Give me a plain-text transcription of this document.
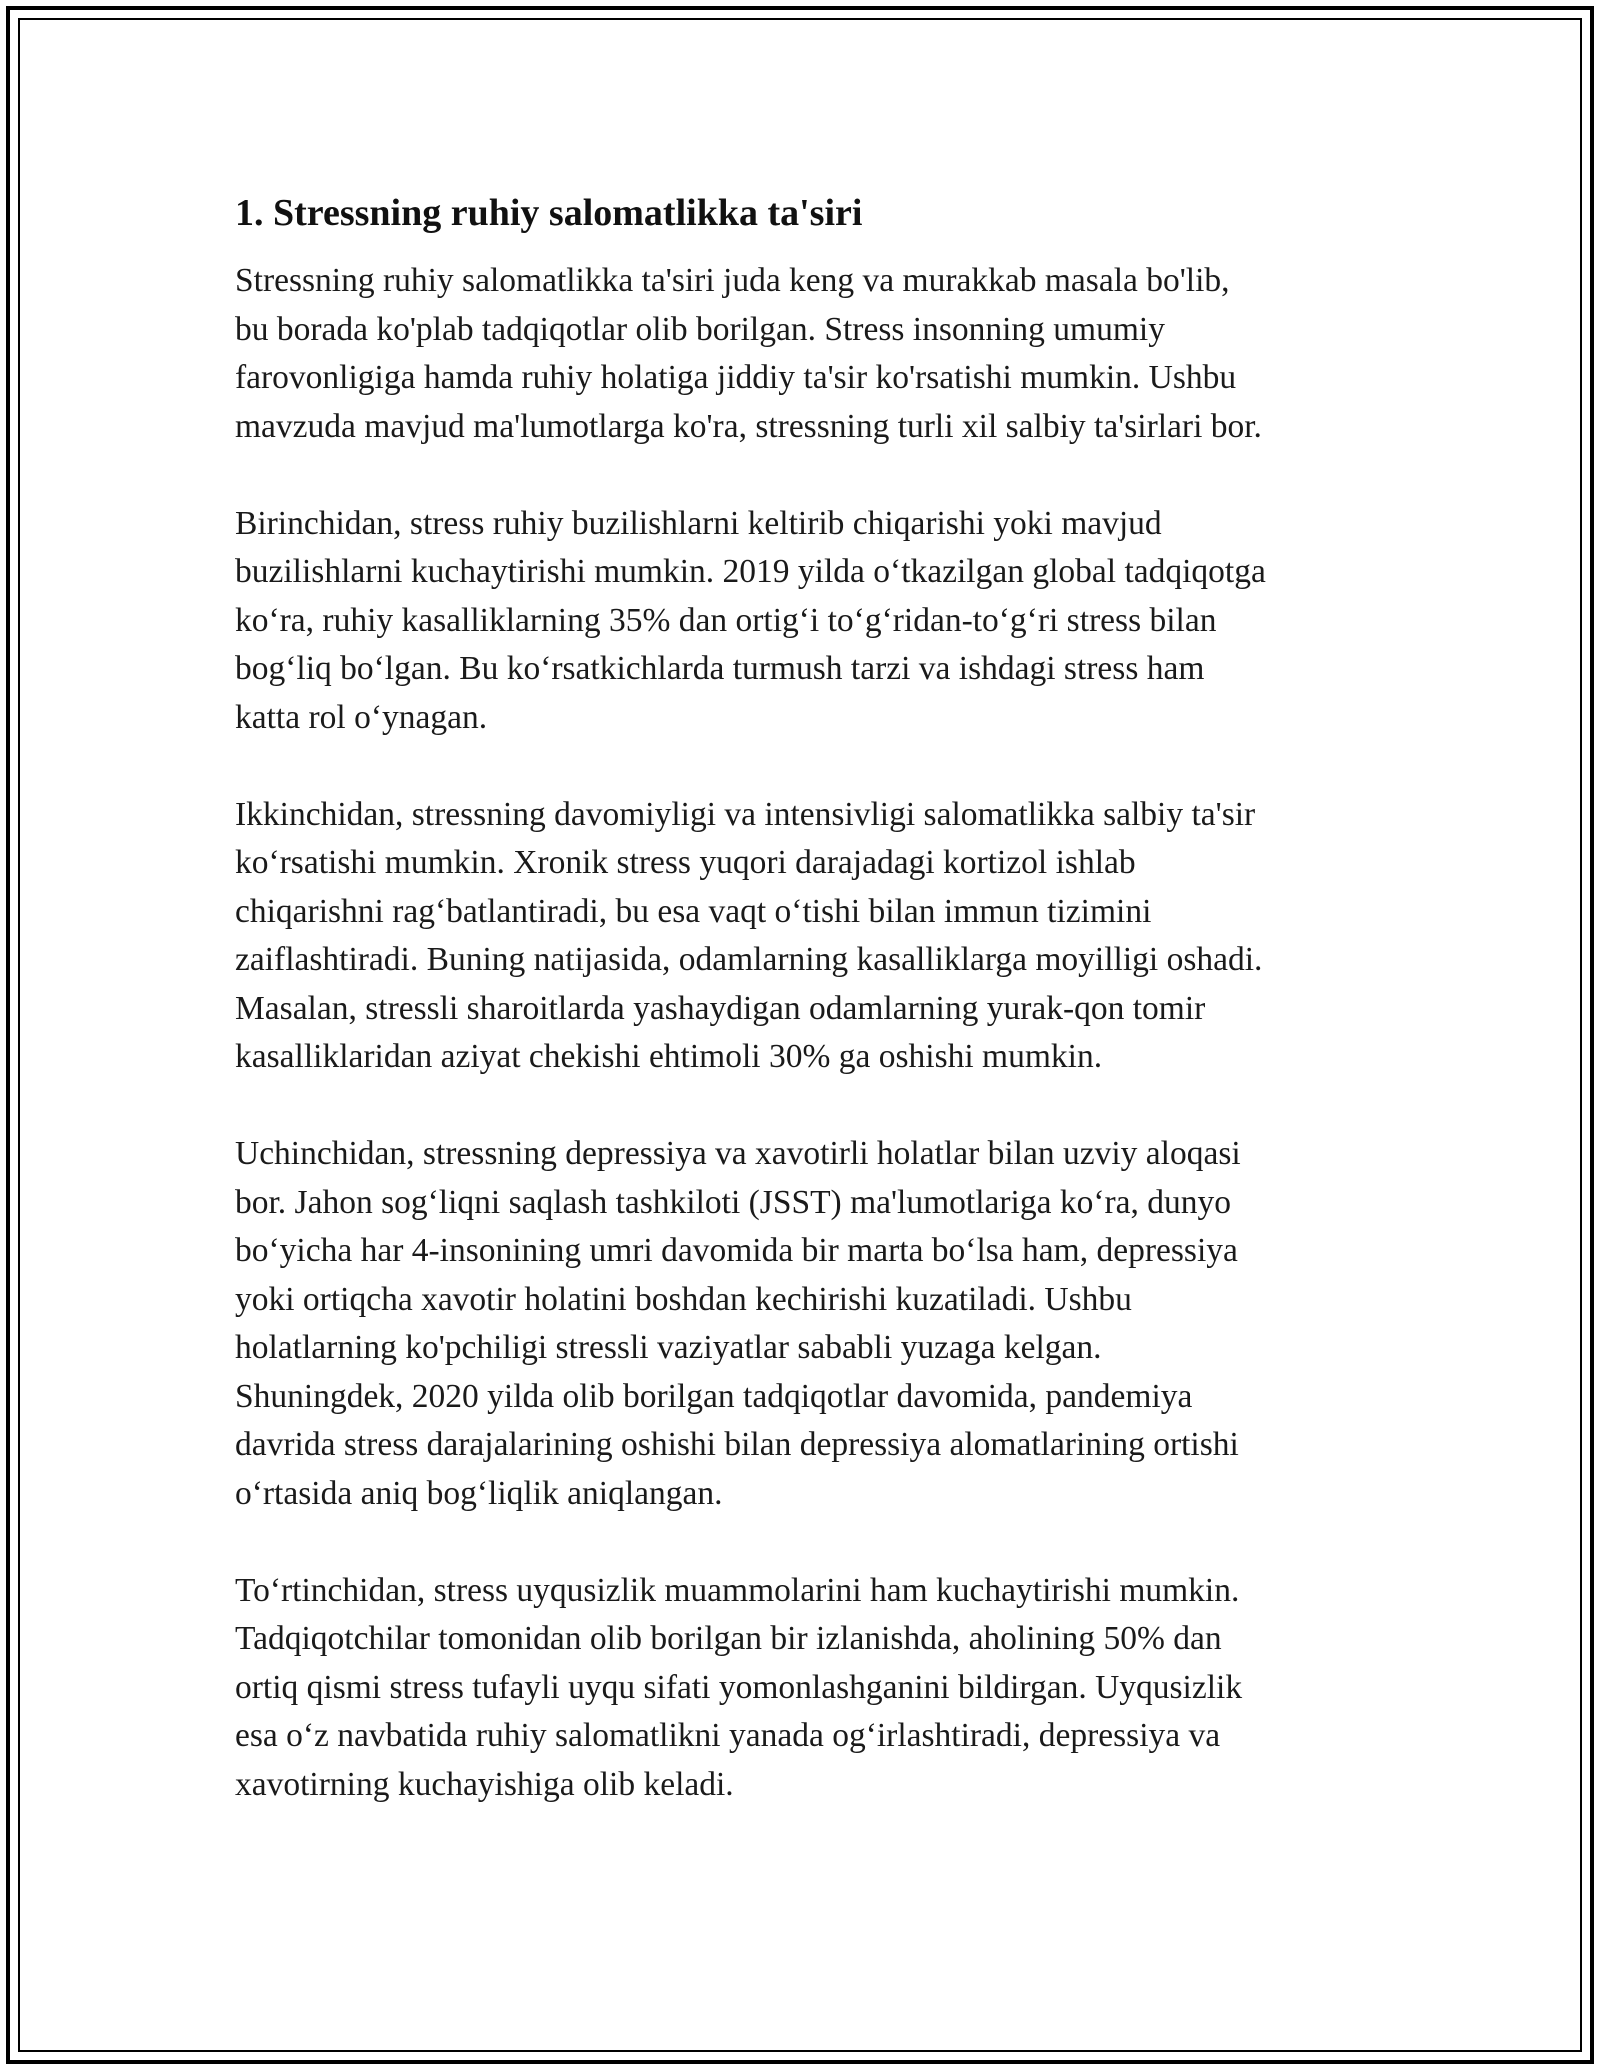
1. Stressning ruhiy salomatlikka ta'siri

Stressning ruhiy salomatlikka ta'siri juda keng va murakkab masala bo'lib,
bu borada ko'plab tadqiqotlar olib borilgan. Stress insonning umumiy
farovonligiga hamda ruhiy holatiga jiddiy ta'sir ko'rsatishi mumkin. Ushbu
mavzuda mavjud ma'lumotlarga ko'ra, stressning turli xil salbiy ta'sirlari bor.

Birinchidan, stress ruhiy buzilishlarni keltirib chiqarishi yoki mavjud
buzilishlarni kuchaytirishi mumkin. 2019 yilda oʻtkazilgan global tadqiqotga
koʻra, ruhiy kasalliklarning 35% dan ortigʻi toʻgʻridan-toʻgʻri stress bilan
bogʻliq boʻlgan. Bu koʻrsatkichlarda turmush tarzi va ishdagi stress ham
katta rol oʻynagan.

Ikkinchidan, stressning davomiyligi va intensivligi salomatlikka salbiy ta'sir
koʻrsatishi mumkin. Xronik stress yuqori darajadagi kortizol ishlab
chiqarishni ragʻbatlantiradi, bu esa vaqt oʻtishi bilan immun tizimini
zaiflashtiradi. Buning natijasida, odamlarning kasalliklarga moyilligi oshadi.
Masalan, stressli sharoitlarda yashaydigan odamlarning yurak-qon tomir
kasalliklaridan aziyat chekishi ehtimoli 30% ga oshishi mumkin.

Uchinchidan, stressning depressiya va xavotirli holatlar bilan uzviy aloqasi
bor. Jahon sogʻliqni saqlash tashkiloti (JSST) ma'lumotlariga koʻra, dunyo
boʻyicha har 4-insonining umri davomida bir marta boʻlsa ham, depressiya
yoki ortiqcha xavotir holatini boshdan kechirishi kuzatiladi. Ushbu
holatlarning ko'pchiligi stressli vaziyatlar sababli yuzaga kelgan.
Shuningdek, 2020 yilda olib borilgan tadqiqotlar davomida, pandemiya
davrida stress darajalarining oshishi bilan depressiya alomatlarining ortishi
oʻrtasida aniq bogʻliqlik aniqlangan.

Toʻrtinchidan, stress uyqusizlik muammolarini ham kuchaytirishi mumkin.
Tadqiqotchilar tomonidan olib borilgan bir izlanishda, aholining 50% dan
ortiq qismi stress tufayli uyqu sifati yomonlashganini bildirgan. Uyqusizlik
esa oʻz navbatida ruhiy salomatlikni yanada ogʻirlashtiradi, depressiya va
xavotirning kuchayishiga olib keladi.
